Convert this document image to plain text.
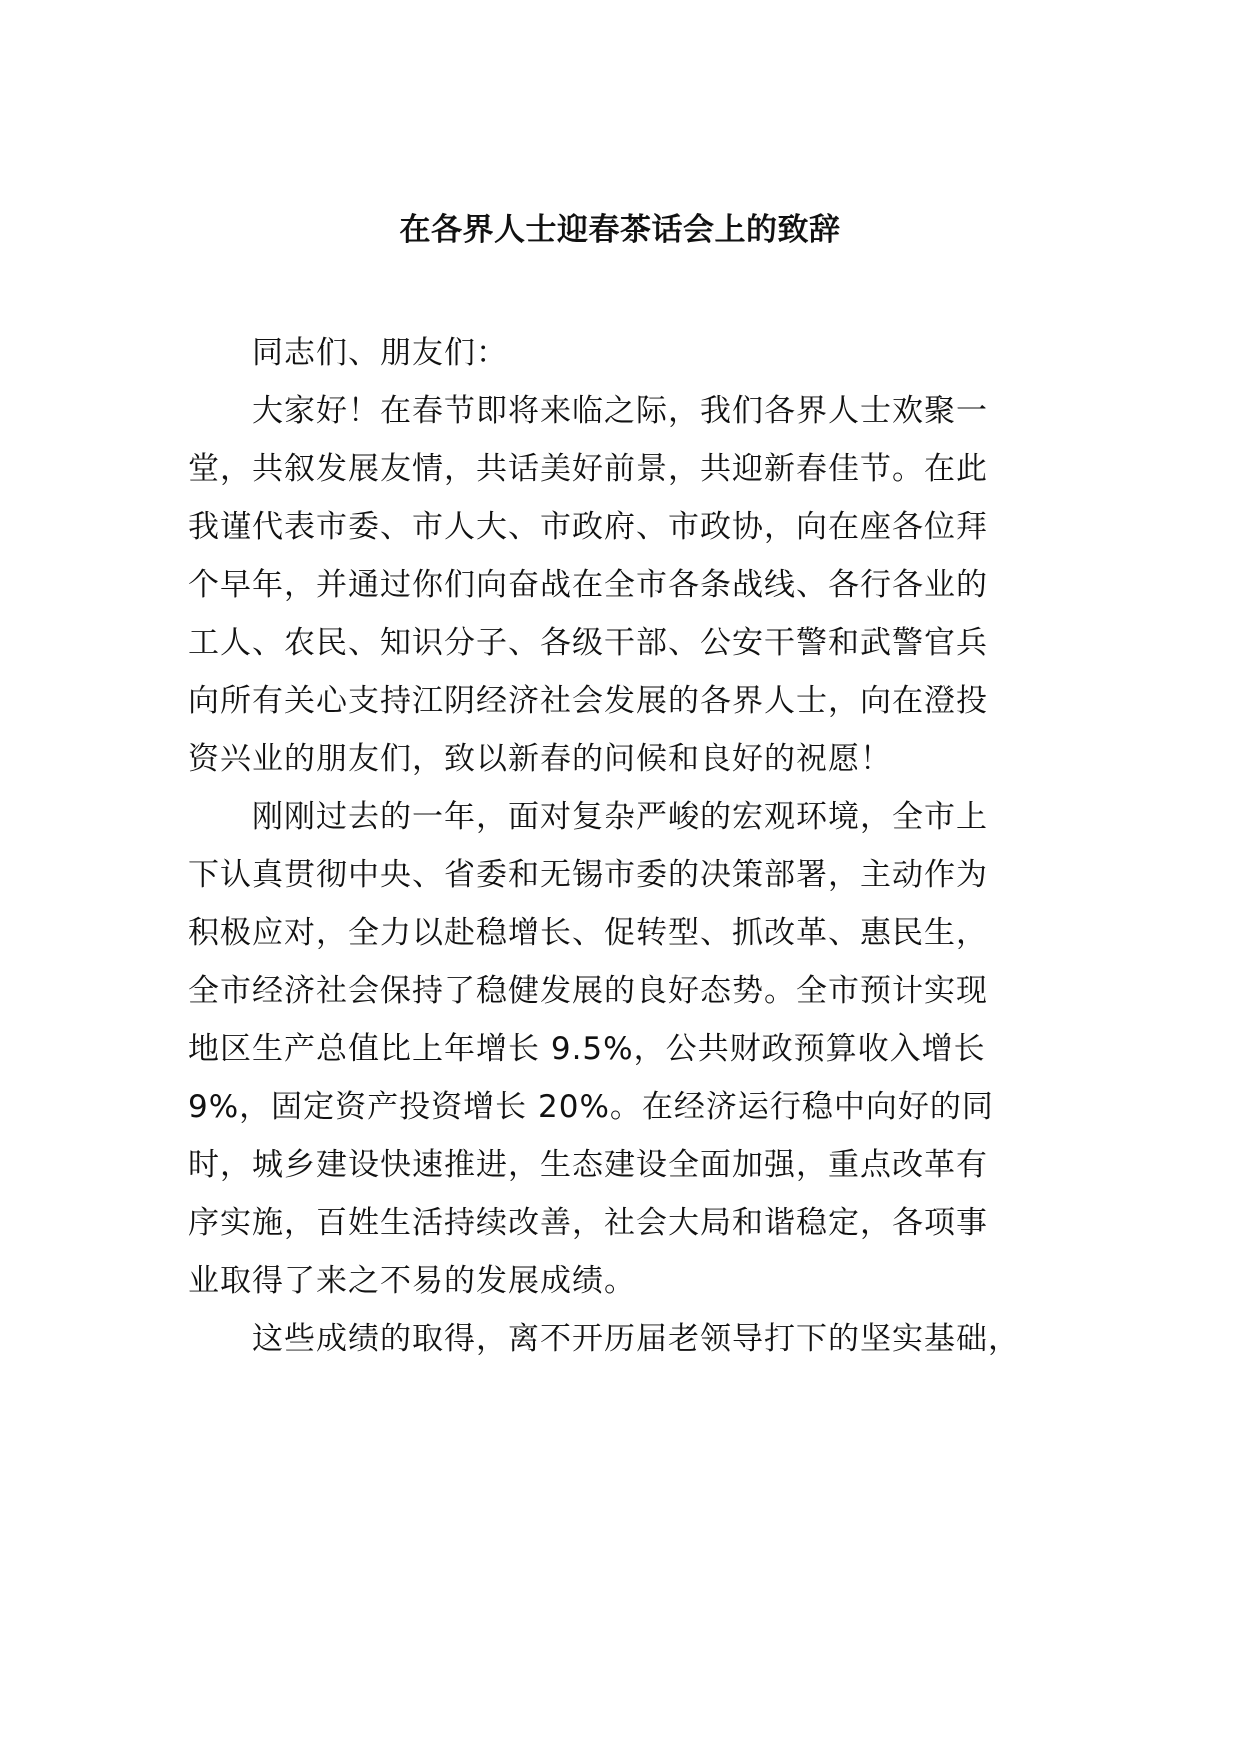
在各界人士迎春茶话会上的致辞
同志们、朋友们：
大家好！在春节即将来临之际，我们各界人士欢聚一
堂，共叙发展友情，共话美好前景，共迎新春佳节。在此
我谨代表市委、市人大、市政府、市政协，向在座各位拜
个早年，并通过你们向奋战在全市各条战线、各行各业的
工人、农民、知识分子、各级干部、公安干警和武警官兵
向所有关心支持江阴经济社会发展的各界人士，向在澄投
资兴业的朋友们，致以新春的问候和良好的祝愿！
刚刚过去的一年，面对复杂严峻的宏观环境，全市上
下认真贯彻中央、省委和无锡市委的决策部署，主动作为
积极应对，全力以赴稳增长、促转型、抓改革、惠民生，
全市经济社会保持了稳健发展的良好态势。全市预计实现
地区生产总值比上年增长 9.5%，公共财政预算收入增长
9%，固定资产投资增长 20%。在经济运行稳中向好的同
时，城乡建设快速推进，生态建设全面加强，重点改革有
序实施，百姓生活持续改善，社会大局和谐稳定，各项事
业取得了来之不易的发展成绩。
这些成绩的取得，离不开历届老领导打下的坚实基础，
